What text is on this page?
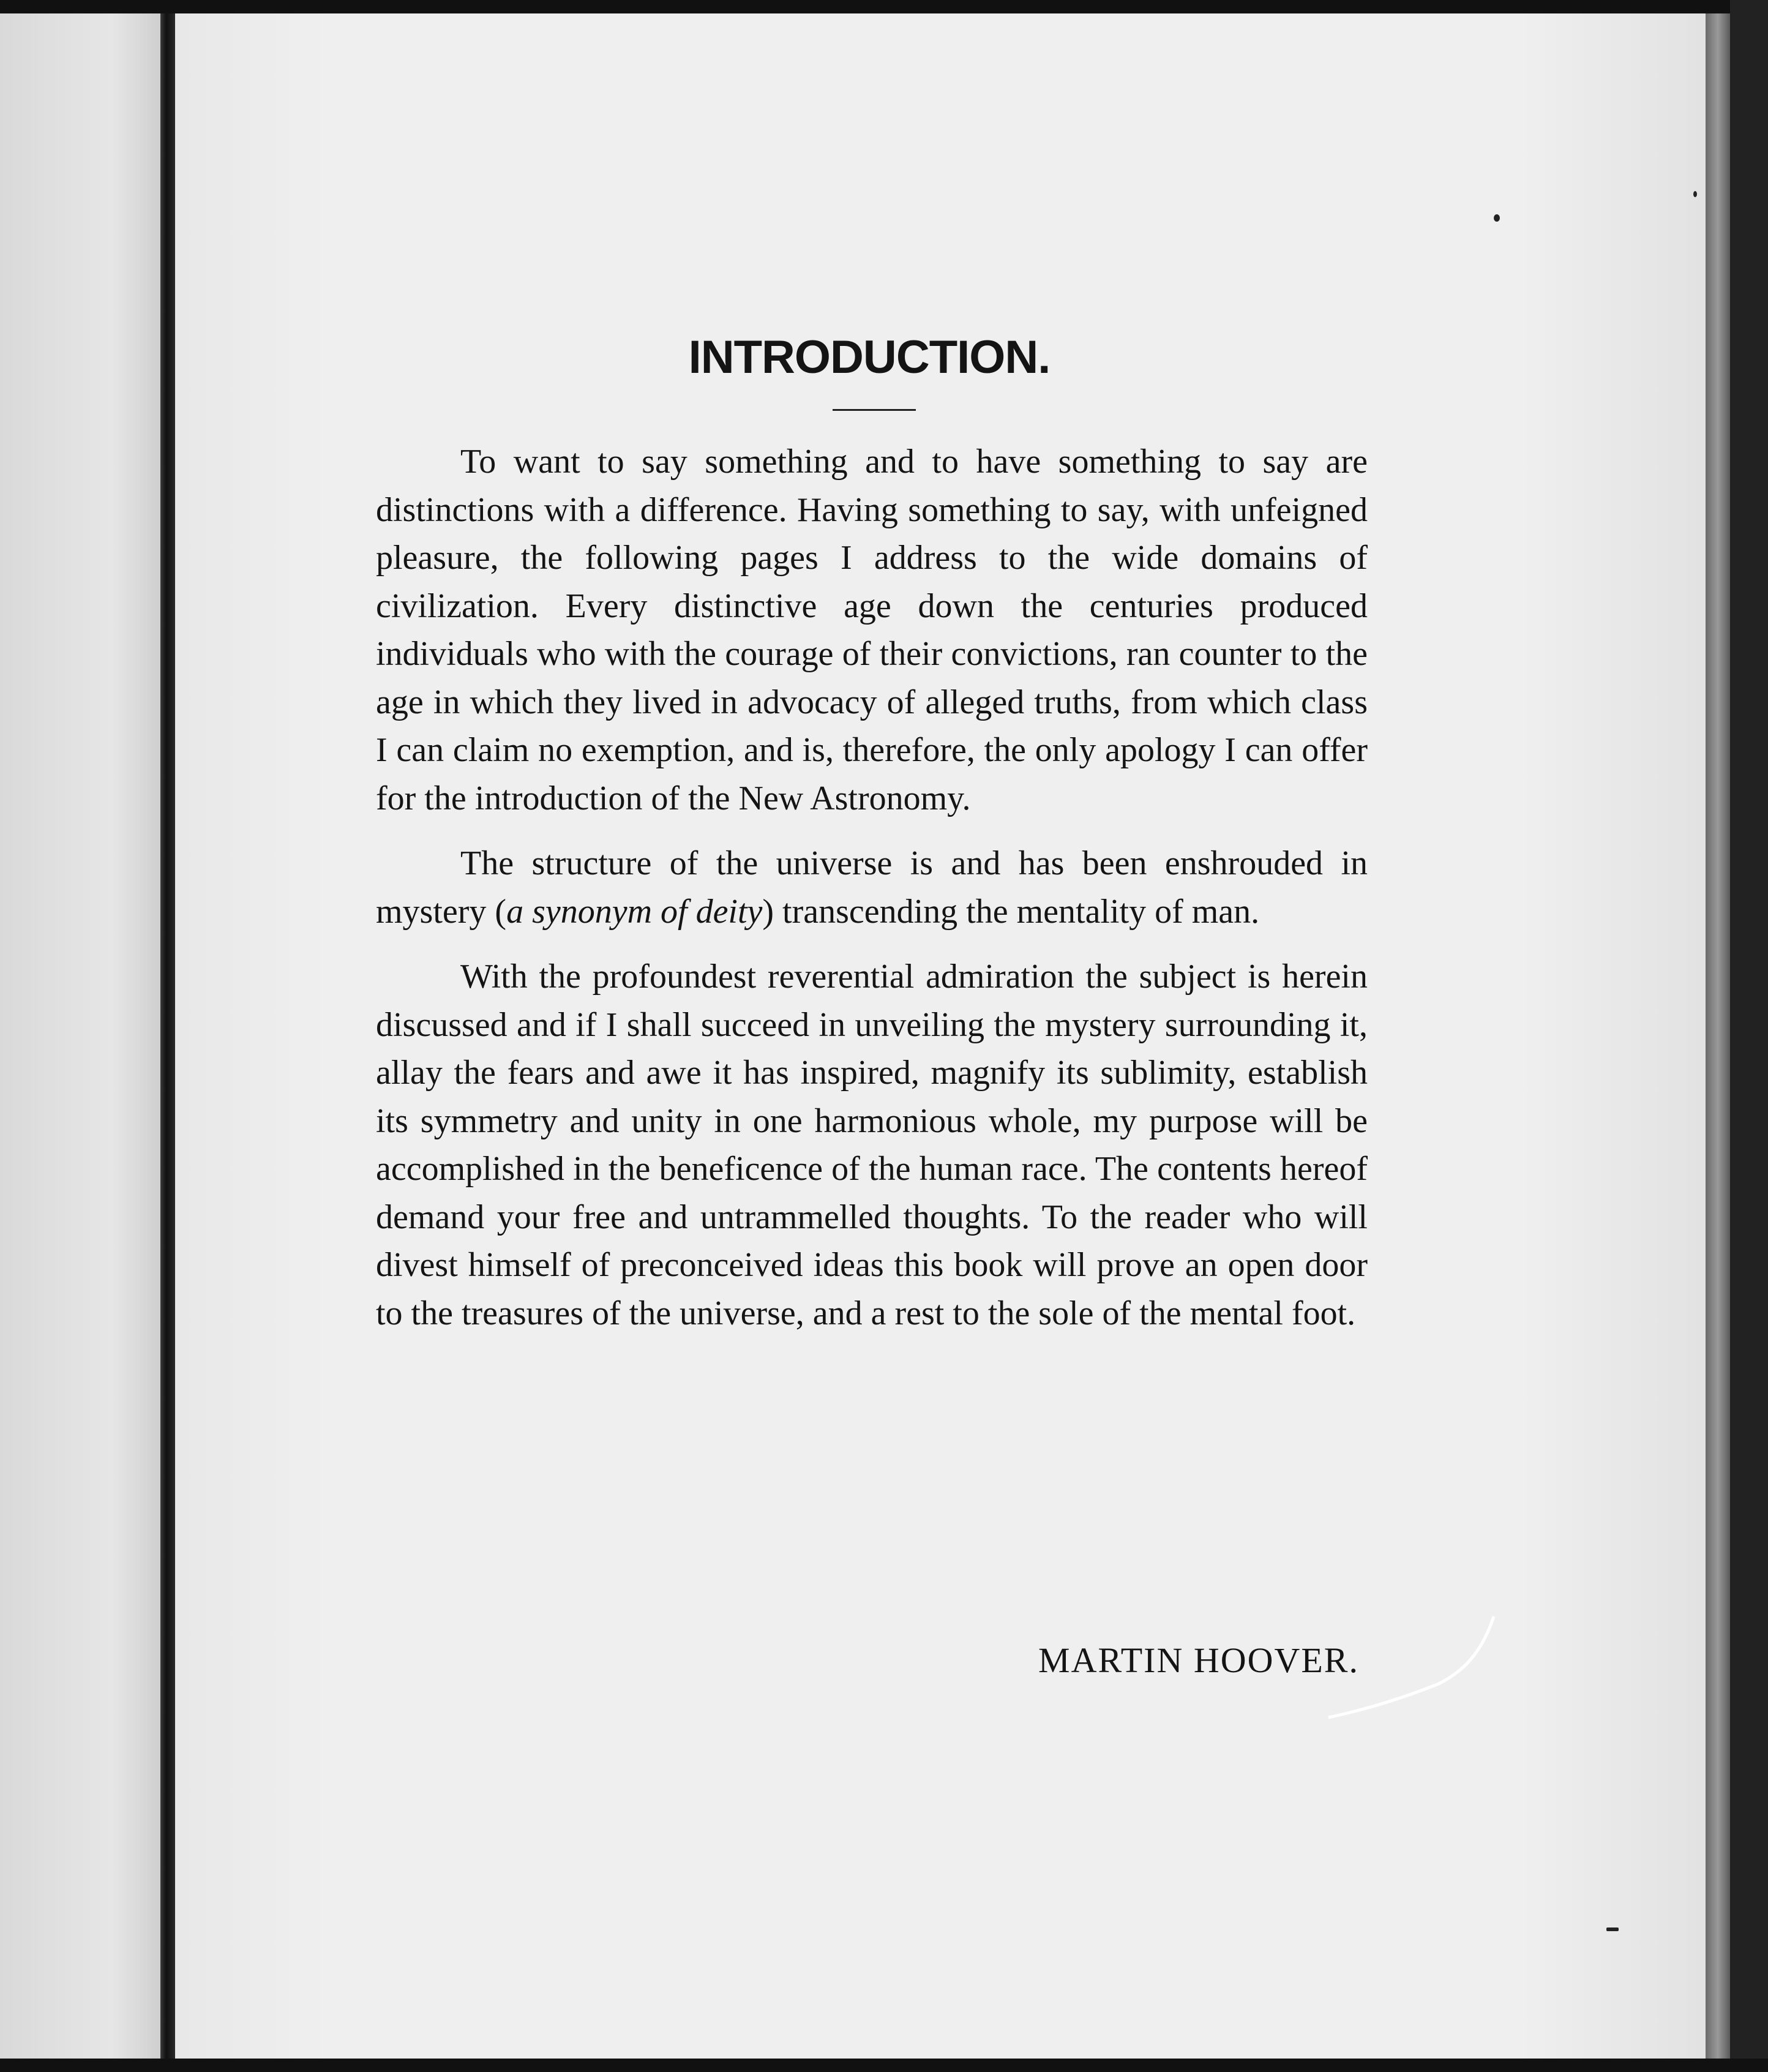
INTRODUCTION.

To want to say something and to have something to say are distinctions with a difference. Having something to say, with unfeigned pleasure, the following pages I address to the wide domains of civilization. Every distinctive age down the centuries produced individuals who with the courage of their convictions, ran counter to the age in which they lived in advocacy of alleged truths, from which class I can claim no exemption, and is, therefore, the only apology I can offer for the introduction of the New Astronomy.

The structure of the universe is and has been enshrouded in mystery (a synonym of deity) transcending the mentality of man.

With the profoundest reverential admiration the subject is herein discussed and if I shall succeed in unveiling the mystery surrounding it, allay the fears and awe it has inspired, magnify its sublimity, establish its symmetry and unity in one harmonious whole, my purpose will be accomplished in the beneficence of the human race. The contents hereof demand your free and untrammelled thoughts. To the reader who will divest himself of preconceived ideas this book will prove an open door to the treasures of the universe, and a rest to the sole of the mental foot.

MARTIN HOOVER.
